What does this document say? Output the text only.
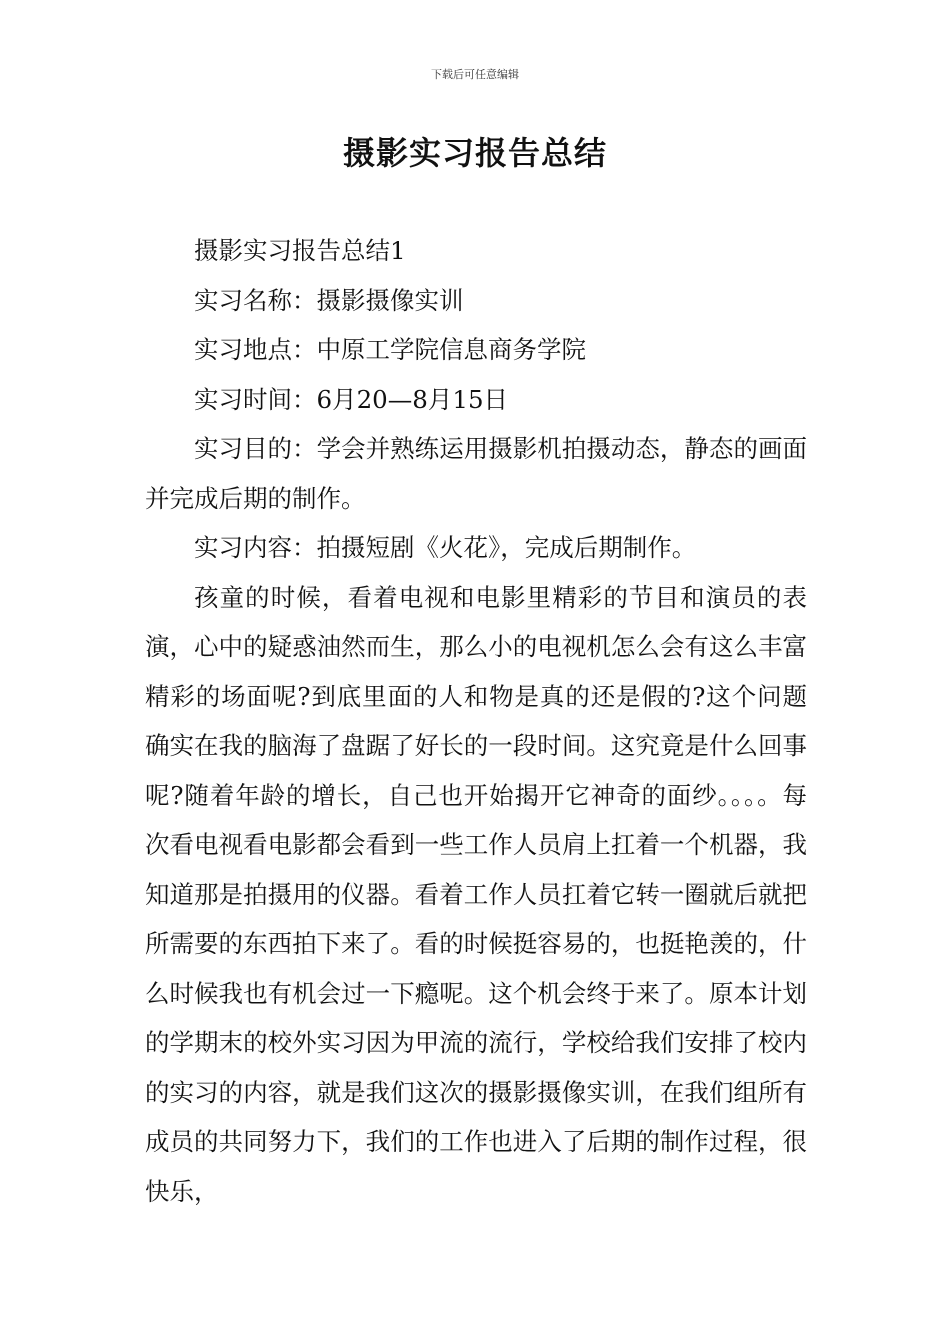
下载后可任意编辑
摄影实习报告总结

摄影实习报告总结1

实习名称：摄影摄像实训

实习地点：中原工学院信息商务学院

实习时间：6月20—8月15日

实习目的：学会并熟练运用摄影机拍摄动态，静态的画面并完成后期的制作。

实习内容：拍摄短剧《火花》，完成后期制作。

孩童的时候，看着电视和电影里精彩的节目和演员的表演，心中的疑惑油然而生，那么小的电视机怎么会有这么丰富精彩的场面呢?到底里面的人和物是真的还是假的?这个问题确实在我的脑海了盘踞了好长的一段时间。这究竟是什么回事呢?随着年龄的增长，自己也开始揭开它神奇的面纱。。。。每次看电视看电影都会看到一些工作人员肩上扛着一个机器，我知道那是拍摄用的仪器。看着工作人员扛着它转一圈就后就把所需要的东西拍下来了。看的时候挺容易的，也挺艳羡的，什么时候我也有机会过一下瘾呢。这个机会终于来了。原本计划的学期末的校外实习因为甲流的流行，学校给我们安排了校内的实习的内容，就是我们这次的摄影摄像实训，在我们组所有成员的共同努力下，我们的工作也进入了后期的制作过程，很快乐，
